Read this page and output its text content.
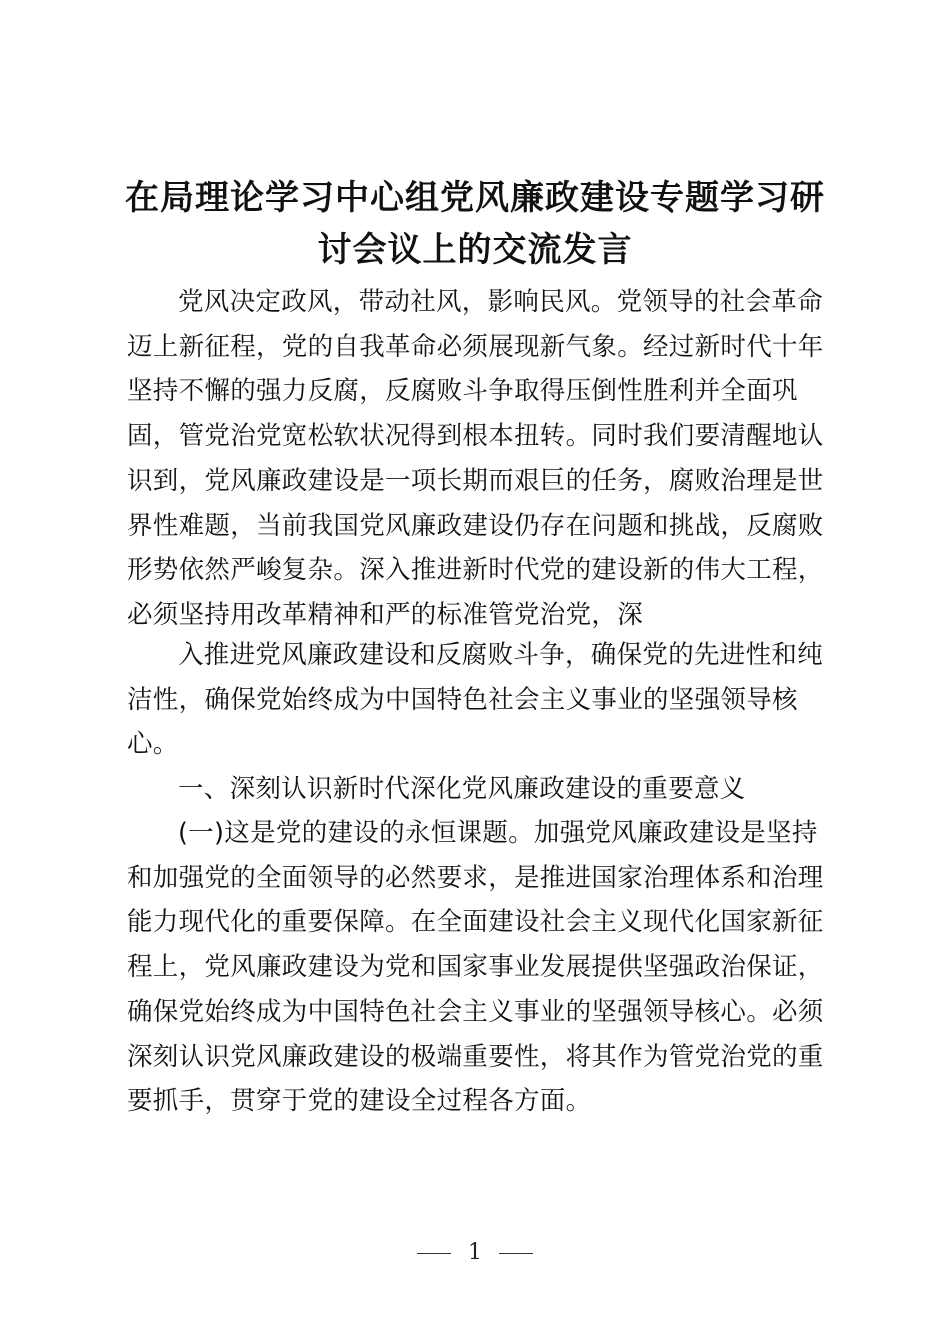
在局理论学习中心组党风廉政建设专题学习研
讨会议上的交流发言
党风决定政风，带动社风，影响民风。党领导的社会革命
迈上新征程，党的自我革命必须展现新气象。经过新时代十年
坚持不懈的强力反腐，反腐败斗争取得压倒性胜利并全面巩
固，管党治党宽松软状况得到根本扭转。同时我们要清醒地认
识到，党风廉政建设是一项长期而艰巨的任务，腐败治理是世
界性难题，当前我国党风廉政建设仍存在问题和挑战，反腐败
形势依然严峻复杂。深入推进新时代党的建设新的伟大工程，
必须坚持用改革精神和严的标准管党治党，深
入推进党风廉政建设和反腐败斗争，确保党的先进性和纯
洁性，确保党始终成为中国特色社会主义事业的坚强领导核
心。
一、深刻认识新时代深化党风廉政建设的重要意义
(一)这是党的建设的永恒课题。加强党风廉政建设是坚持
和加强党的全面领导的必然要求，是推进国家治理体系和治理
能力现代化的重要保障。在全面建设社会主义现代化国家新征
程上，党风廉政建设为党和国家事业发展提供坚强政治保证，
确保党始终成为中国特色社会主义事业的坚强领导核心。必须
深刻认识党风廉政建设的极端重要性，将其作为管党治党的重
要抓手，贯穿于党的建设全过程各方面。
1
